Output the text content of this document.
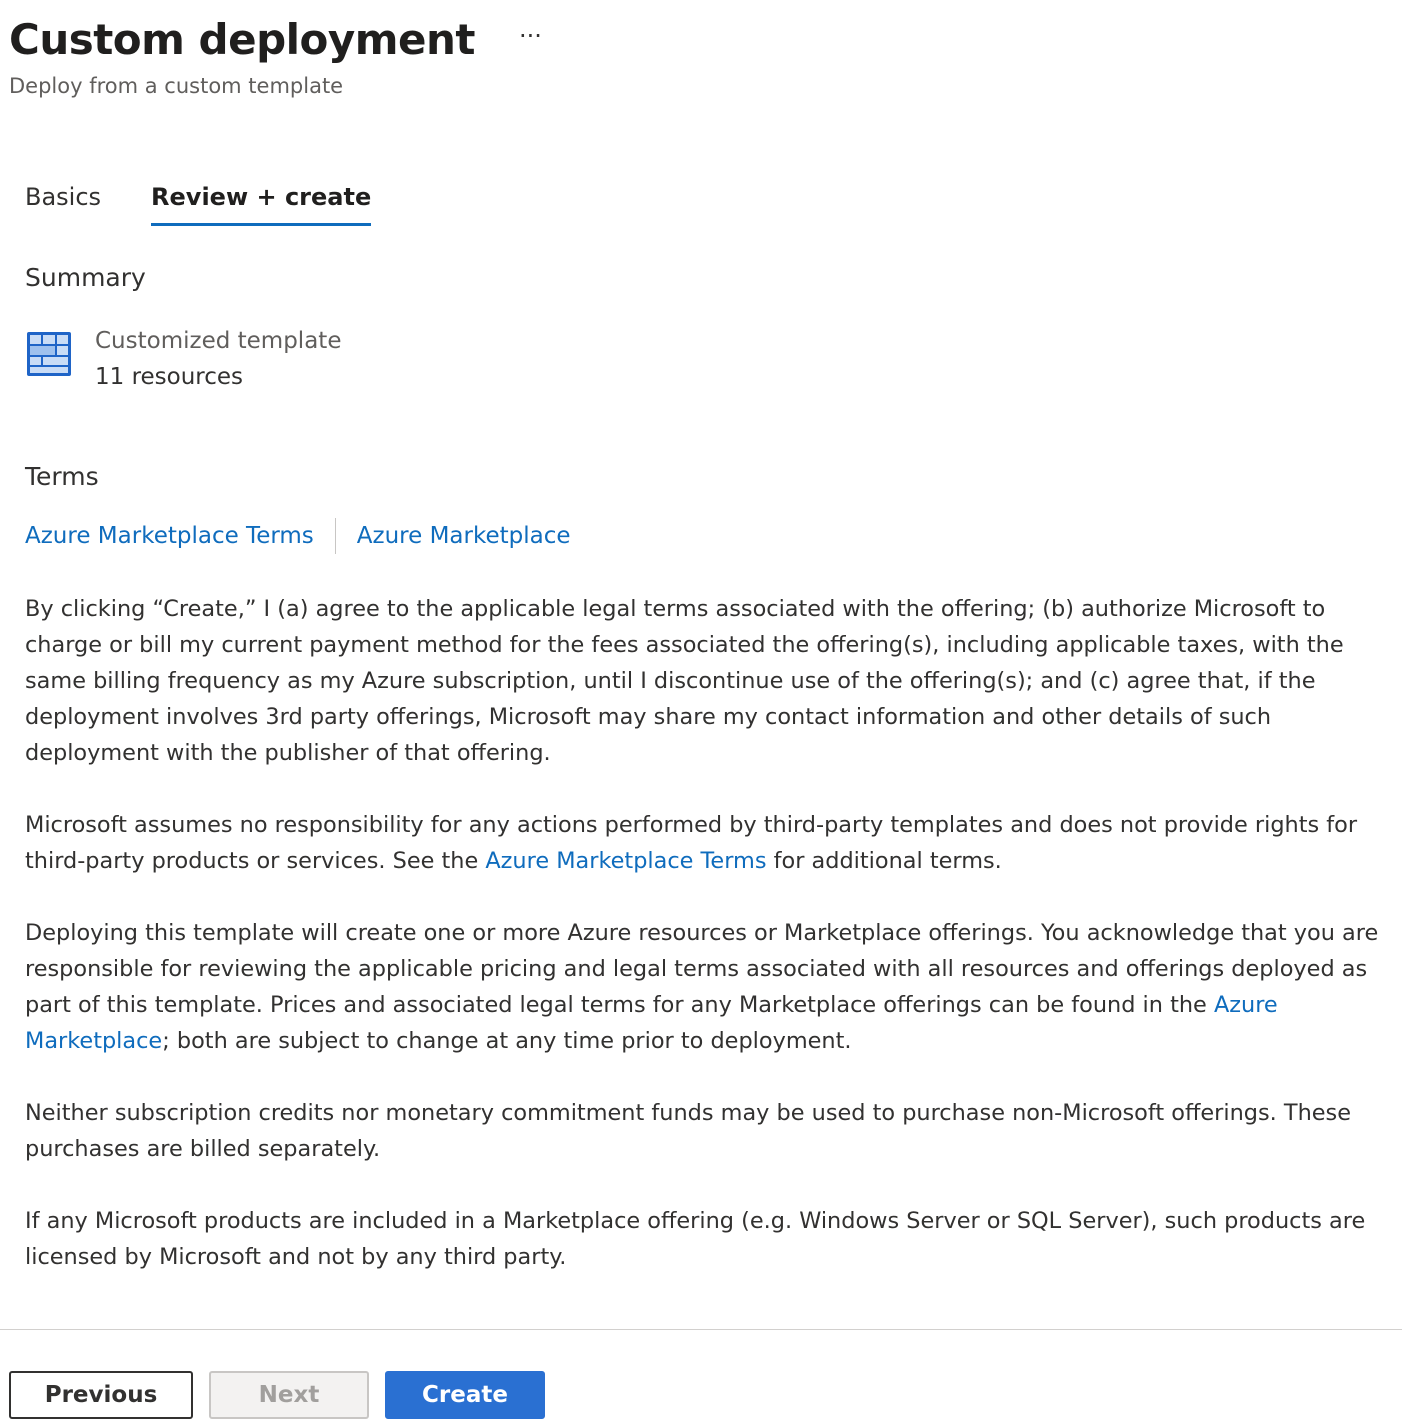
Custom deployment ···
Deploy from a custom template
Basics Review + create
Summary
Customized template
11 resources
Terms
Azure Marketplace Terms Azure Marketplace

By clicking “Create,” I (a) agree to the applicable legal terms associated with the offering; (b) authorize Microsoft to charge or bill my current payment method for the fees associated the offering(s), including applicable taxes, with the same billing frequency as my Azure subscription, until I discontinue use of the offering(s); and (c) agree that, if the deployment involves 3rd party offerings, Microsoft may share my contact information and other details of such deployment with the publisher of that offering.

Microsoft assumes no responsibility for any actions performed by third-party templates and does not provide rights for third-party products or services. See the Azure Marketplace Terms for additional terms.

Deploying this template will create one or more Azure resources or Marketplace offerings. You acknowledge that you are responsible for reviewing the applicable pricing and legal terms associated with all resources and offerings deployed as part of this template. Prices and associated legal terms for any Marketplace offerings can be found in the Azure Marketplace; both are subject to change at any time prior to deployment.

Neither subscription credits nor monetary commitment funds may be used to purchase non-Microsoft offerings. These purchases are billed separately.

If any Microsoft products are included in a Marketplace offering (e.g. Windows Server or SQL Server), such products are licensed by Microsoft and not by any third party.

Previous	Next	Create
